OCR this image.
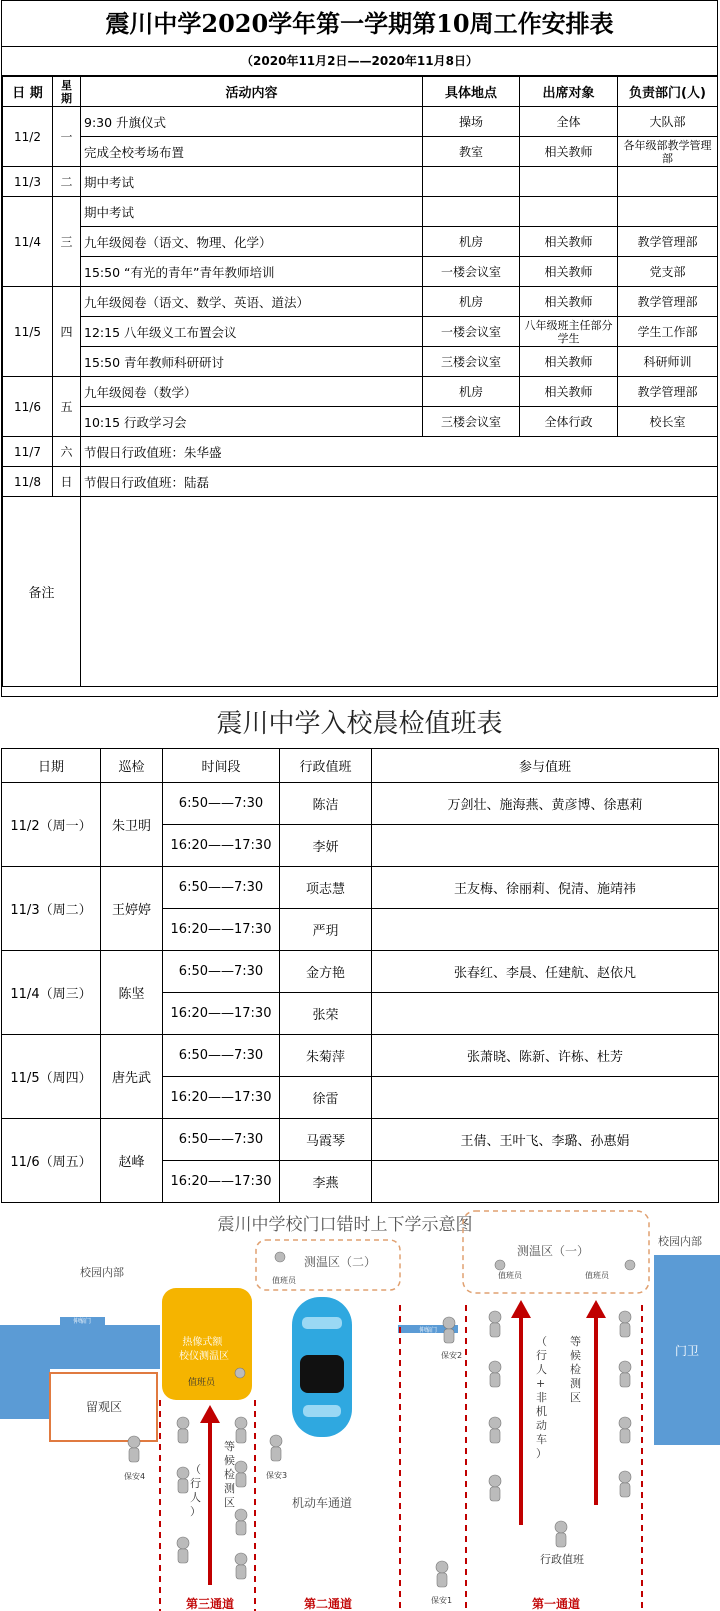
震川中学2020学年第一学期第10周工作安排表
（2020年11月2日——2020年11月8日）
日 期	星期	活动内容	具体地点	出席对象	负责部门(人)
11/2	一	9:30 升旗仪式	操场	全体	大队部
		完成全校考场布置	教室	相关教师	各年级部教学管理部
11/3	二	期中考试			
11/4	三	期中考试			
		九年级阅卷（语文、物理、化学）	机房	相关教师	教学管理部
		15:50 “有光的青年”青年教师培训	一楼会议室	相关教师	党支部
11/5	四	九年级阅卷（语文、数学、英语、道法）	机房	相关教师	教学管理部
		12:15 八年级义工布置会议	一楼会议室	八年级班主任部分学生	学生工作部
		15:50 青年教师科研研讨	三楼会议室	相关教师	科研师训
11/6	五	九年级阅卷（数学）	机房	相关教师	教学管理部
		10:15 行政学习会	三楼会议室	全体行政	校长室
11/7	六	节假日行政值班：朱华盛			
11/8	日	节假日行政值班：陆磊			
备注					
震川中学入校晨检值班表
日期	巡检	时间段	行政值班	参与值班
11/2（周一）	朱卫明	6:50——7:30	陈洁	万剑壮、施海燕、黄彦博、徐惠莉
		16:20——17:30	李妍	
11/3（周二）	王婷婷	6:50——7:30	项志慧	王友梅、徐丽莉、倪清、施靖祎
		16:20——17:30	严玥	
11/4（周三）	陈坚	6:50——7:30	金方艳	张春红、李晨、任建航、赵依凡
		16:20——17:30	张荣	
11/5（周四）	唐先武	6:50——7:30	朱菊萍	张萧晓、陈新、许栋、杜芳
		16:20——17:30	徐雷	
11/6（周五）	赵峰	6:50——7:30	马霞琴	王倩、王叶飞、李璐、孙惠娟
		16:20——17:30	李燕	
震川中学校门口错时上下学示意图
校园内部
校园内部
伸缩门
留观区
伸缩门
门卫
测温区（二）
值班员
测温区（一）
值班员	值班员
热像式额 校仪测温区
值班员
机动车通道
等候检测区
（行人）
（行人+非机动车）
等候检测区
保安4	保安3
保安2
保安1
行政值班
第三通道	第二通道	第一通道
